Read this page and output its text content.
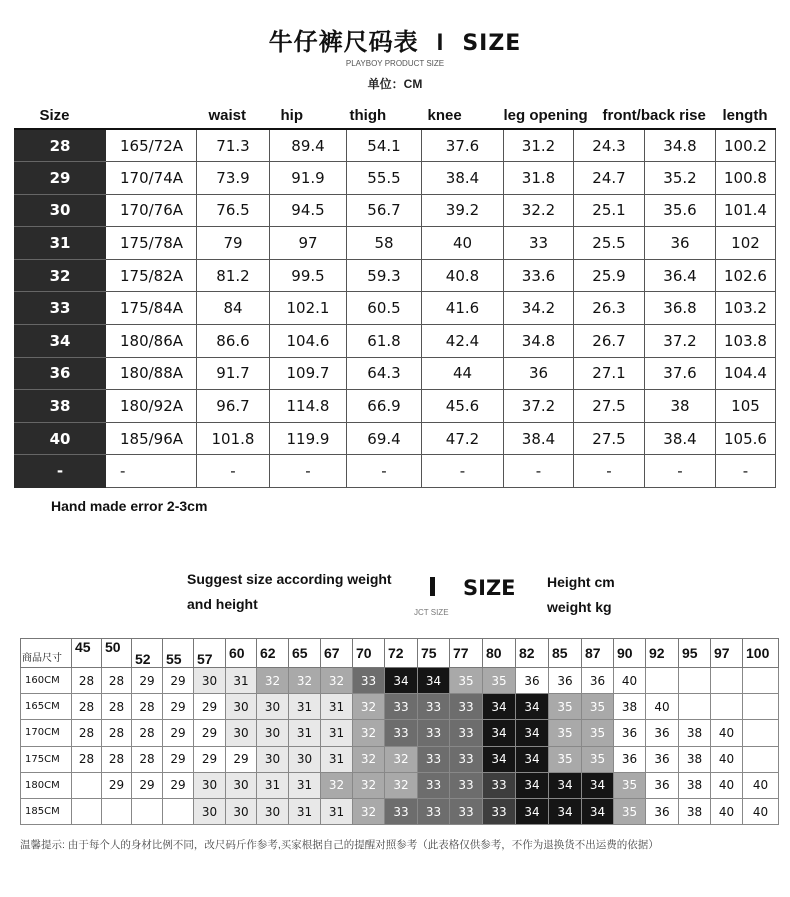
牛仔裤尺码表 I SIZE
PLAYBOY PRODUCT SIZE
单位：CM
Size		waist	hip	thigh	knee	leg opening	front/back rise		length
28	165/72A	71.3	89.4	54.1	37.6	31.2	24.3	34.8	100.2
29	170/74A	73.9	91.9	55.5	38.4	31.8	24.7	35.2	100.8
30	170/76A	76.5	94.5	56.7	39.2	32.2	25.1	35.6	101.4
31	175/78A	79	97	58	40	33	25.5	36	102
32	175/82A	81.2	99.5	59.3	40.8	33.6	25.9	36.4	102.6
33	175/84A	84	102.1	60.5	41.6	34.2	26.3	36.8	103.2
34	180/86A	86.6	104.6	61.8	42.4	34.8	26.7	37.2	103.8
36	180/88A	91.7	109.7	64.3	44	36	27.1	37.6	104.4
38	180/92A	96.7	114.8	66.9	45.6	37.2	27.5	38	105
40	185/96A	101.8	119.9	69.4	47.2	38.4	27.5	38.4	105.6
-	-	-	-	-	-	-	-	-	-
Hand made error 2-3cm
Suggest size according weight
and height
SIZE
JCT SIZE
Height cm
weight kg
商品尺寸	45	50	52	55	57	60	62	65	67	70	72	75	77	80	82	85	87	90	92	95	97	100
160CM	28	28	29	29	30	31	32	32	32	33	34	34	35	35	36	36	36	40				
165CM	28	28	28	29	29	30	30	31	31	32	33	33	33	34	34	35	35	38	40			
170CM	28	28	28	29	29	30	30	31	31	32	33	33	33	34	34	35	35	36	36	38	40	
175CM	28	28	28	29	29	29	30	30	31	32	32	33	33	34	34	35	35	36	36	38	40	
180CM		29	29	29	30	30	31	31	32	32	32	33	33	33	34	34	34	35	36	38	40	40
185CM					30	30	30	31	31	32	33	33	33	33	34	34	34	35	36	38	40	40
温馨提示: 由于每个人的身材比例不同，改尺码斤作参考,买家根据自己的提醒对照参考（此表格仅供参考，不作为退换货不出运费的依据）
